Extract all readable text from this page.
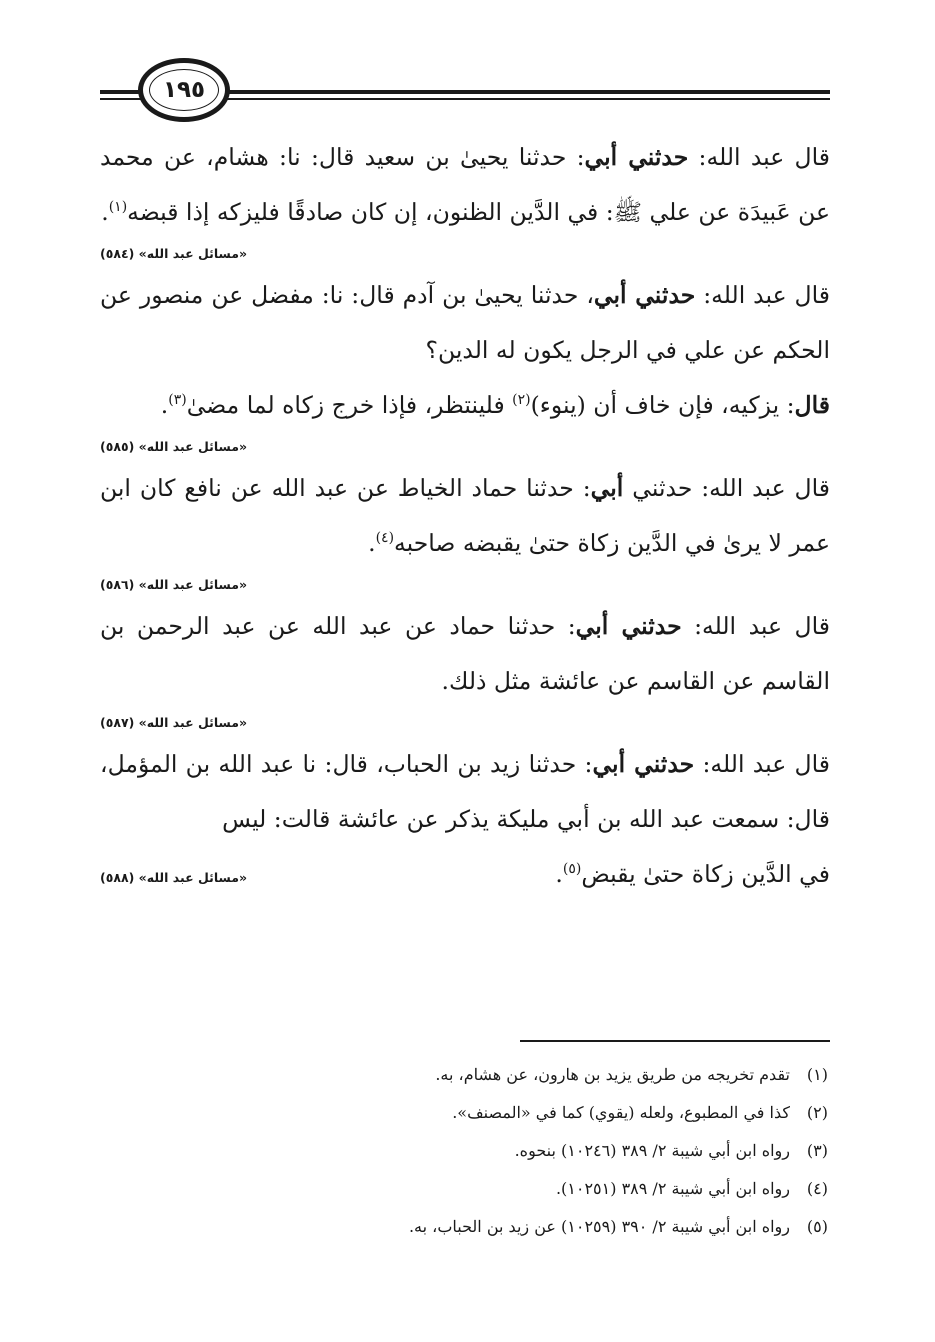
١٩٥

قال عبد الله: حدثني أبي: حدثنا يحيىٰ بن سعيد قال: نا: هشام، عن محمد عن عَبيدَة عن علي ﷺ: في الدَّين الظنون، إن كان صادقًا فليزكه إذا قبضه$^{(١)}$.

«مسائل عبد الله» (٥٨٤)

قال عبد الله: حدثني أبي، حدثنا يحيىٰ بن آدم قال: نا: مفضل عن منصور عن الحكم عن علي في الرجل يكون له الدين؟

قال: يزكيه، فإن خاف أن (ينوء)$^{(٢)}$ فلينتظر، فإذا خرج زكاه لما مضىٰ$^{(٣)}$.

«مسائل عبد الله» (٥٨٥)

قال عبد الله: حدثني أبي: حدثنا حماد الخياط عن عبد الله عن نافع كان ابن عمر لا يرىٰ في الدَّين زكاة حتىٰ يقبضه صاحبه$^{(٤)}$.

«مسائل عبد الله» (٥٨٦)

قال عبد الله: حدثني أبي: حدثنا حماد عن عبد الله عن عبد الرحمن بن القاسم عن القاسم عن عائشة مثل ذلك.

«مسائل عبد الله» (٥٨٧)

قال عبد الله: حدثني أبي: حدثنا زيد بن الحباب، قال: نا عبد الله بن المؤمل، قال: سمعت عبد الله بن أبي مليكة يذكر عن عائشة قالت: ليس

في الدَّين زكاة حتىٰ يقبض$^{(٥)}$.

«مسائل عبد الله» (٥٨٨)

(١)تقدم تخريجه من طريق يزيد بن هارون، عن هشام، به.

(٢)كذا في المطبوع، ولعله (يقوي) كما في «المصنف».

(٣)رواه ابن أبي شيبة ٢/ ٣٨٩ (١٠٢٤٦) بنحوه.

(٤)رواه ابن أبي شيبة ٢/ ٣٨٩ (١٠٢٥١).

(٥)رواه ابن أبي شيبة ٢/ ٣٩٠ (١٠٢٥٩) عن زيد بن الحباب، به.
